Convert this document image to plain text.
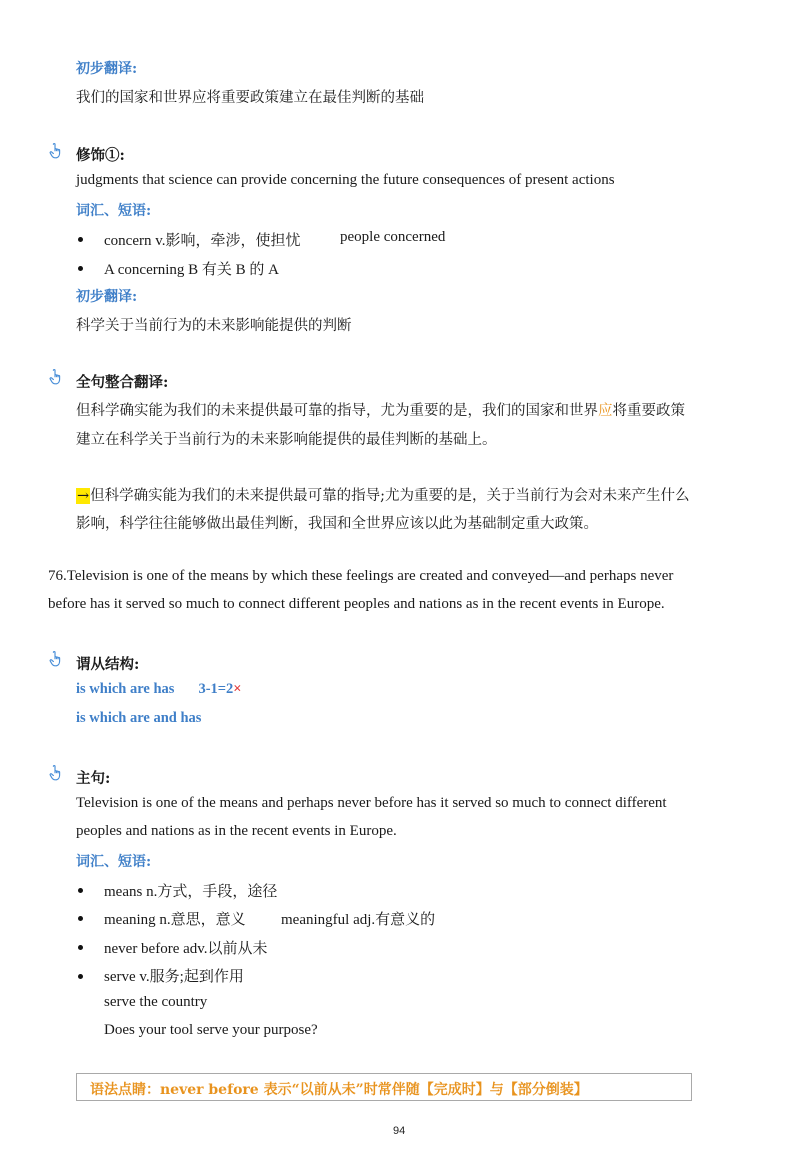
初步翻译:
我们的国家和世界应将重要政策建立在最佳判断的基础
修饰①:
judgments that science can provide concerning the future consequences of present actions
词汇、短语:
concern v.影响，牵涉，使担忧	people concerned
A concerning B 有关 B 的 A
初步翻译:
科学关于当前行为的未来影响能提供的判断
全句整合翻译:
但科学确实能为我们的未来提供最可靠的指导，尤为重要的是，我们的国家和世界应将重要政策
建立在科学关于当前行为的未来影响能提供的最佳判断的基础上。
→但科学确实能为我们的未来提供最可靠的指导;尤为重要的是，关于当前行为会对未来产生什么
影响，科学往往能够做出最佳判断，我国和全世界应该以此为基础制定重大政策。
76.Television is one of the means by which these feelings are created and conveyed—and perhaps never
before has it served so much to connect different peoples and nations as in the recent events in Europe.
谓从结构:
is which are has 3-1=2×
is which are and has
主句:
Television is one of the means and perhaps never before has it served so much to connect different
peoples and nations as in the recent events in Europe.
词汇、短语:
means n.方式，手段，途径
meaning n.意思，意义 meaningful adj.有意义的
never before adv.以前从未
serve v.服务;起到作用
serve the country
Does your tool serve your purpose?
语法点睛：never before 表示“以前从未”时常伴随【完成时】与【部分倒装】
94
